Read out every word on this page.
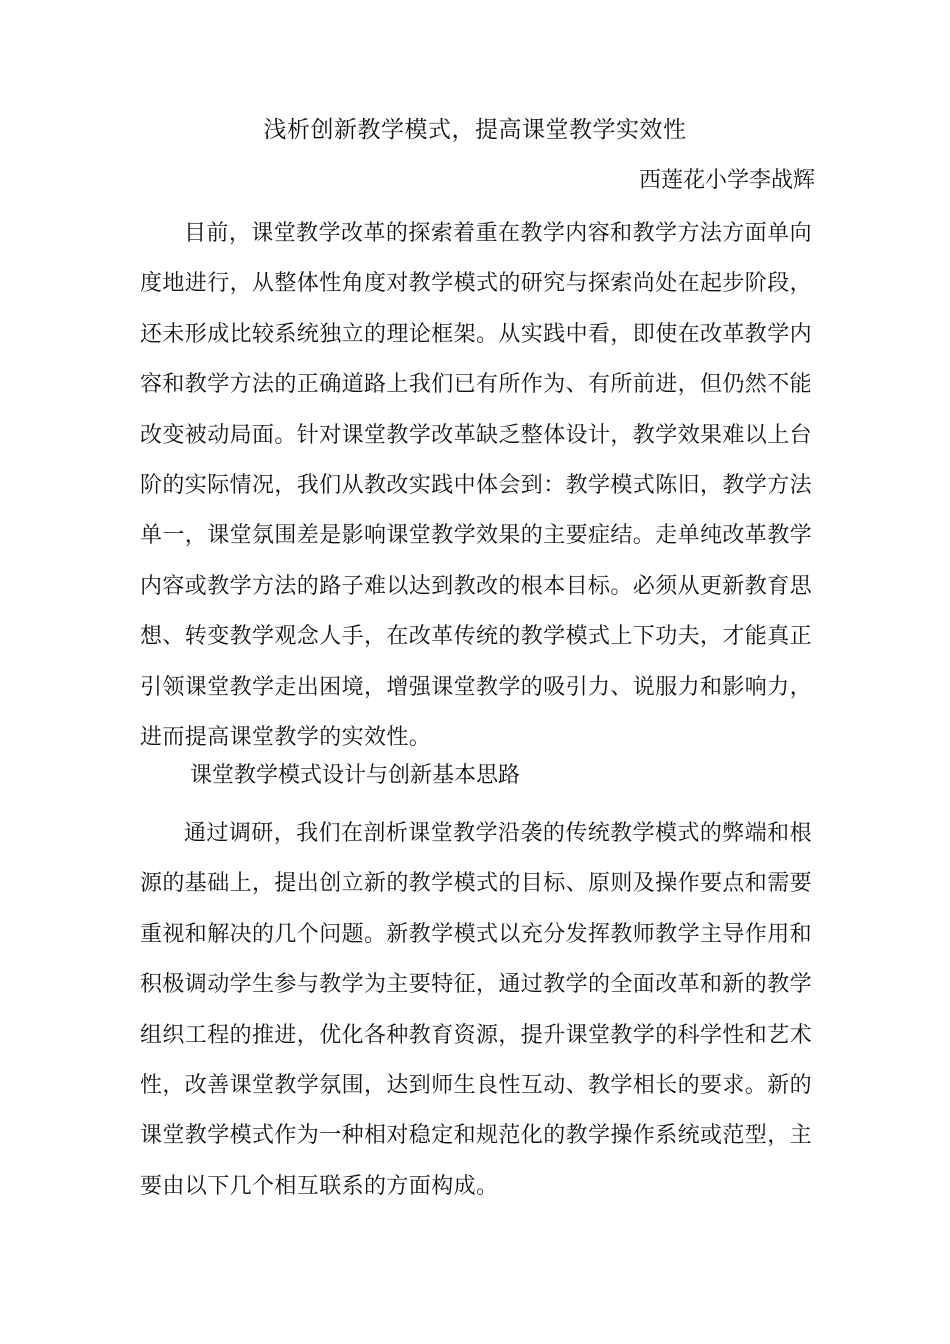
浅析创新教学模式，提高课堂教学实效性

西莲花小学李战辉

目前，课堂教学改革的探索着重在教学内容和教学方法方面单向度地进行，从整体性角度对教学模式的研究与探索尚处在起步阶段，还未形成比较系统独立的理论框架。从实践中看，即使在改革教学内容和教学方法的正确道路上我们已有所作为、有所前进，但仍然不能改变被动局面。针对课堂教学改革缺乏整体设计，教学效果难以上台阶的实际情况，我们从教改实践中体会到：教学模式陈旧，教学方法单一，课堂氛围差是影响课堂教学效果的主要症结。走单纯改革教学内容或教学方法的路子难以达到教改的根本目标。必须从更新教育思想、转变教学观念人手，在改革传统的教学模式上下功夫，才能真正引领课堂教学走出困境，增强课堂教学的吸引力、说服力和影响力，进而提高课堂教学的实效性。

课堂教学模式设计与创新基本思路

通过调研，我们在剖析课堂教学沿袭的传统教学模式的弊端和根源的基础上，提出创立新的教学模式的目标、原则及操作要点和需要重视和解决的几个问题。新教学模式以充分发挥教师教学主导作用和积极调动学生参与教学为主要特征，通过教学的全面改革和新的教学组织工程的推进，优化各种教育资源，提升课堂教学的科学性和艺术性，改善课堂教学氛围，达到师生良性互动、教学相长的要求。新的课堂教学模式作为一种相对稳定和规范化的教学操作系统或范型，主要由以下几个相互联系的方面构成。
